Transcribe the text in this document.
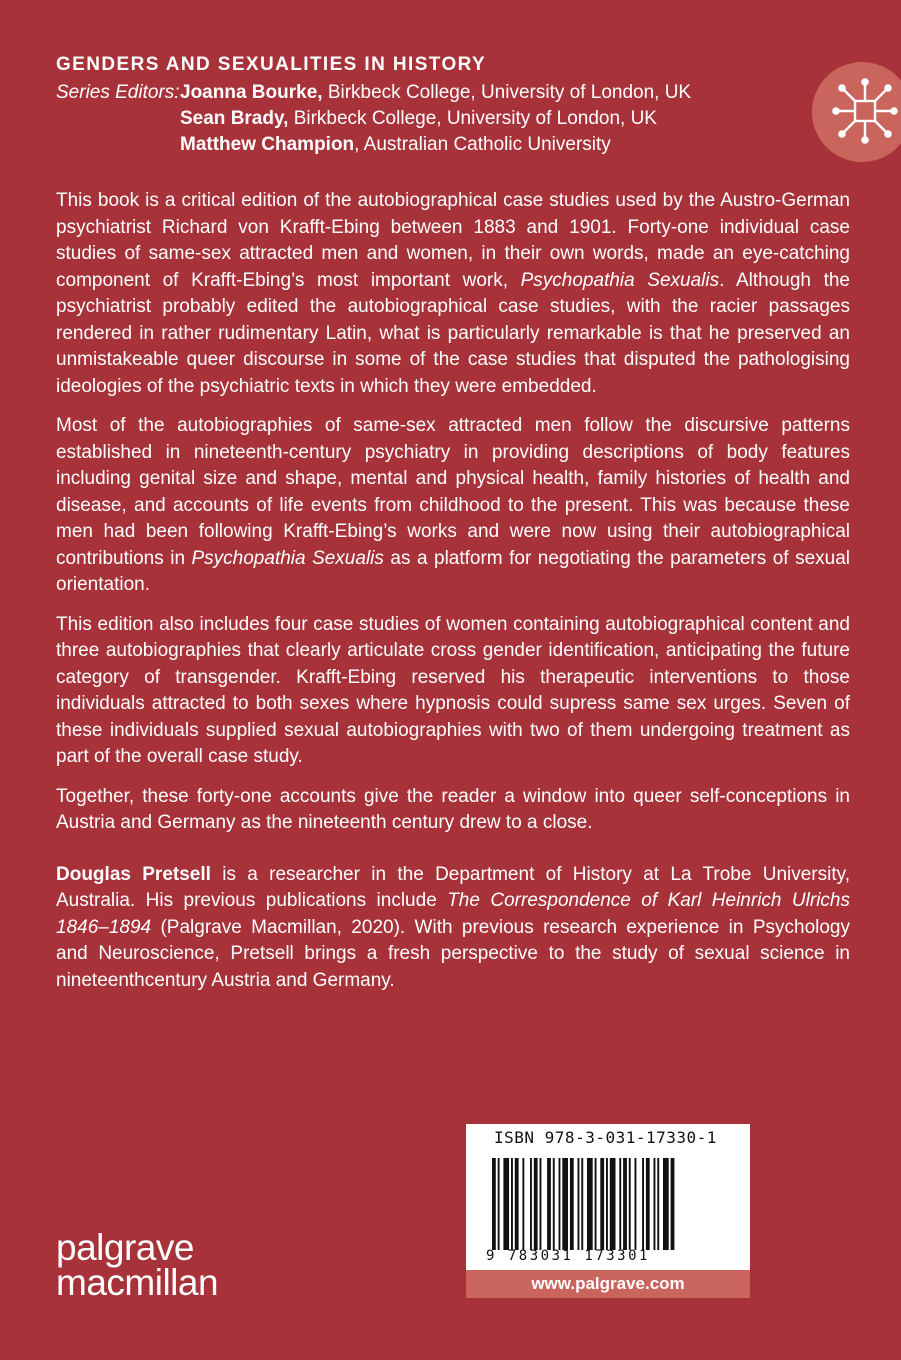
GENDERS AND SEXUALITIES IN HISTORY
Series Editors:Joanna Bourke, Birkbeck College, University of London, UK
Sean Brady, Birkbeck College, University of London, UK
Matthew Champion, Australian Catholic University

This book is a critical edition of the autobiographical case studies used by the Austro-German psychiatrist Richard von Krafft-Ebing between 1883 and 1901. Forty-one individual case studies of same-sex attracted men and women, in their own words, made an eye-catching component of Krafft-Ebing’s most important work, Psychopathia Sexualis. Although the psychiatrist probably edited the autobiographical case studies, with the racier passages rendered in rather rudimentary Latin, what is particularly remarkable is that he preserved an unmistakeable queer discourse in some of the case studies that disputed the pathologising ideologies of the psychiatric texts in which they were embedded.

Most of the autobiographies of same-sex attracted men follow the discursive patterns established in nineteenth-century psychiatry in providing descriptions of body features including genital size and shape, mental and physical health, family histories of health and disease, and accounts of life events from childhood to the present. This was because these men had been following Krafft-Ebing’s works and were now using their autobiographical contributions in Psychopathia Sexualis as a platform for negotiating the parameters of sexual orientation.

This edition also includes four case studies of women containing autobiographical content and three autobiographies that clearly articulate cross gender identification, anticipating the future category of transgender. Krafft-Ebing reserved his therapeutic interventions to those individuals attracted to both sexes where hypnosis could supress same sex urges. Seven of these individuals supplied sexual autobiographies with two of them undergoing treatment as part of the overall case study.

Together, these forty-one accounts give the reader a window into queer self-conceptions in Austria and Germany as the nineteenth century drew to a close.

Douglas Pretsell is a researcher in the Department of History at La Trobe University, Australia. His previous publications include The Correspondence of Karl Heinrich Ulrichs 1846–1894 (Palgrave Macmillan, 2020). With previous research experience in Psychology and Neuroscience, Pretsell brings a fresh perspective to the study of sexual science in nineteenthcentury Austria and Germany.

palgrave
macmillan
ISBN 978-3-031-17330-1
9 783031 173301
www.palgrave.com
